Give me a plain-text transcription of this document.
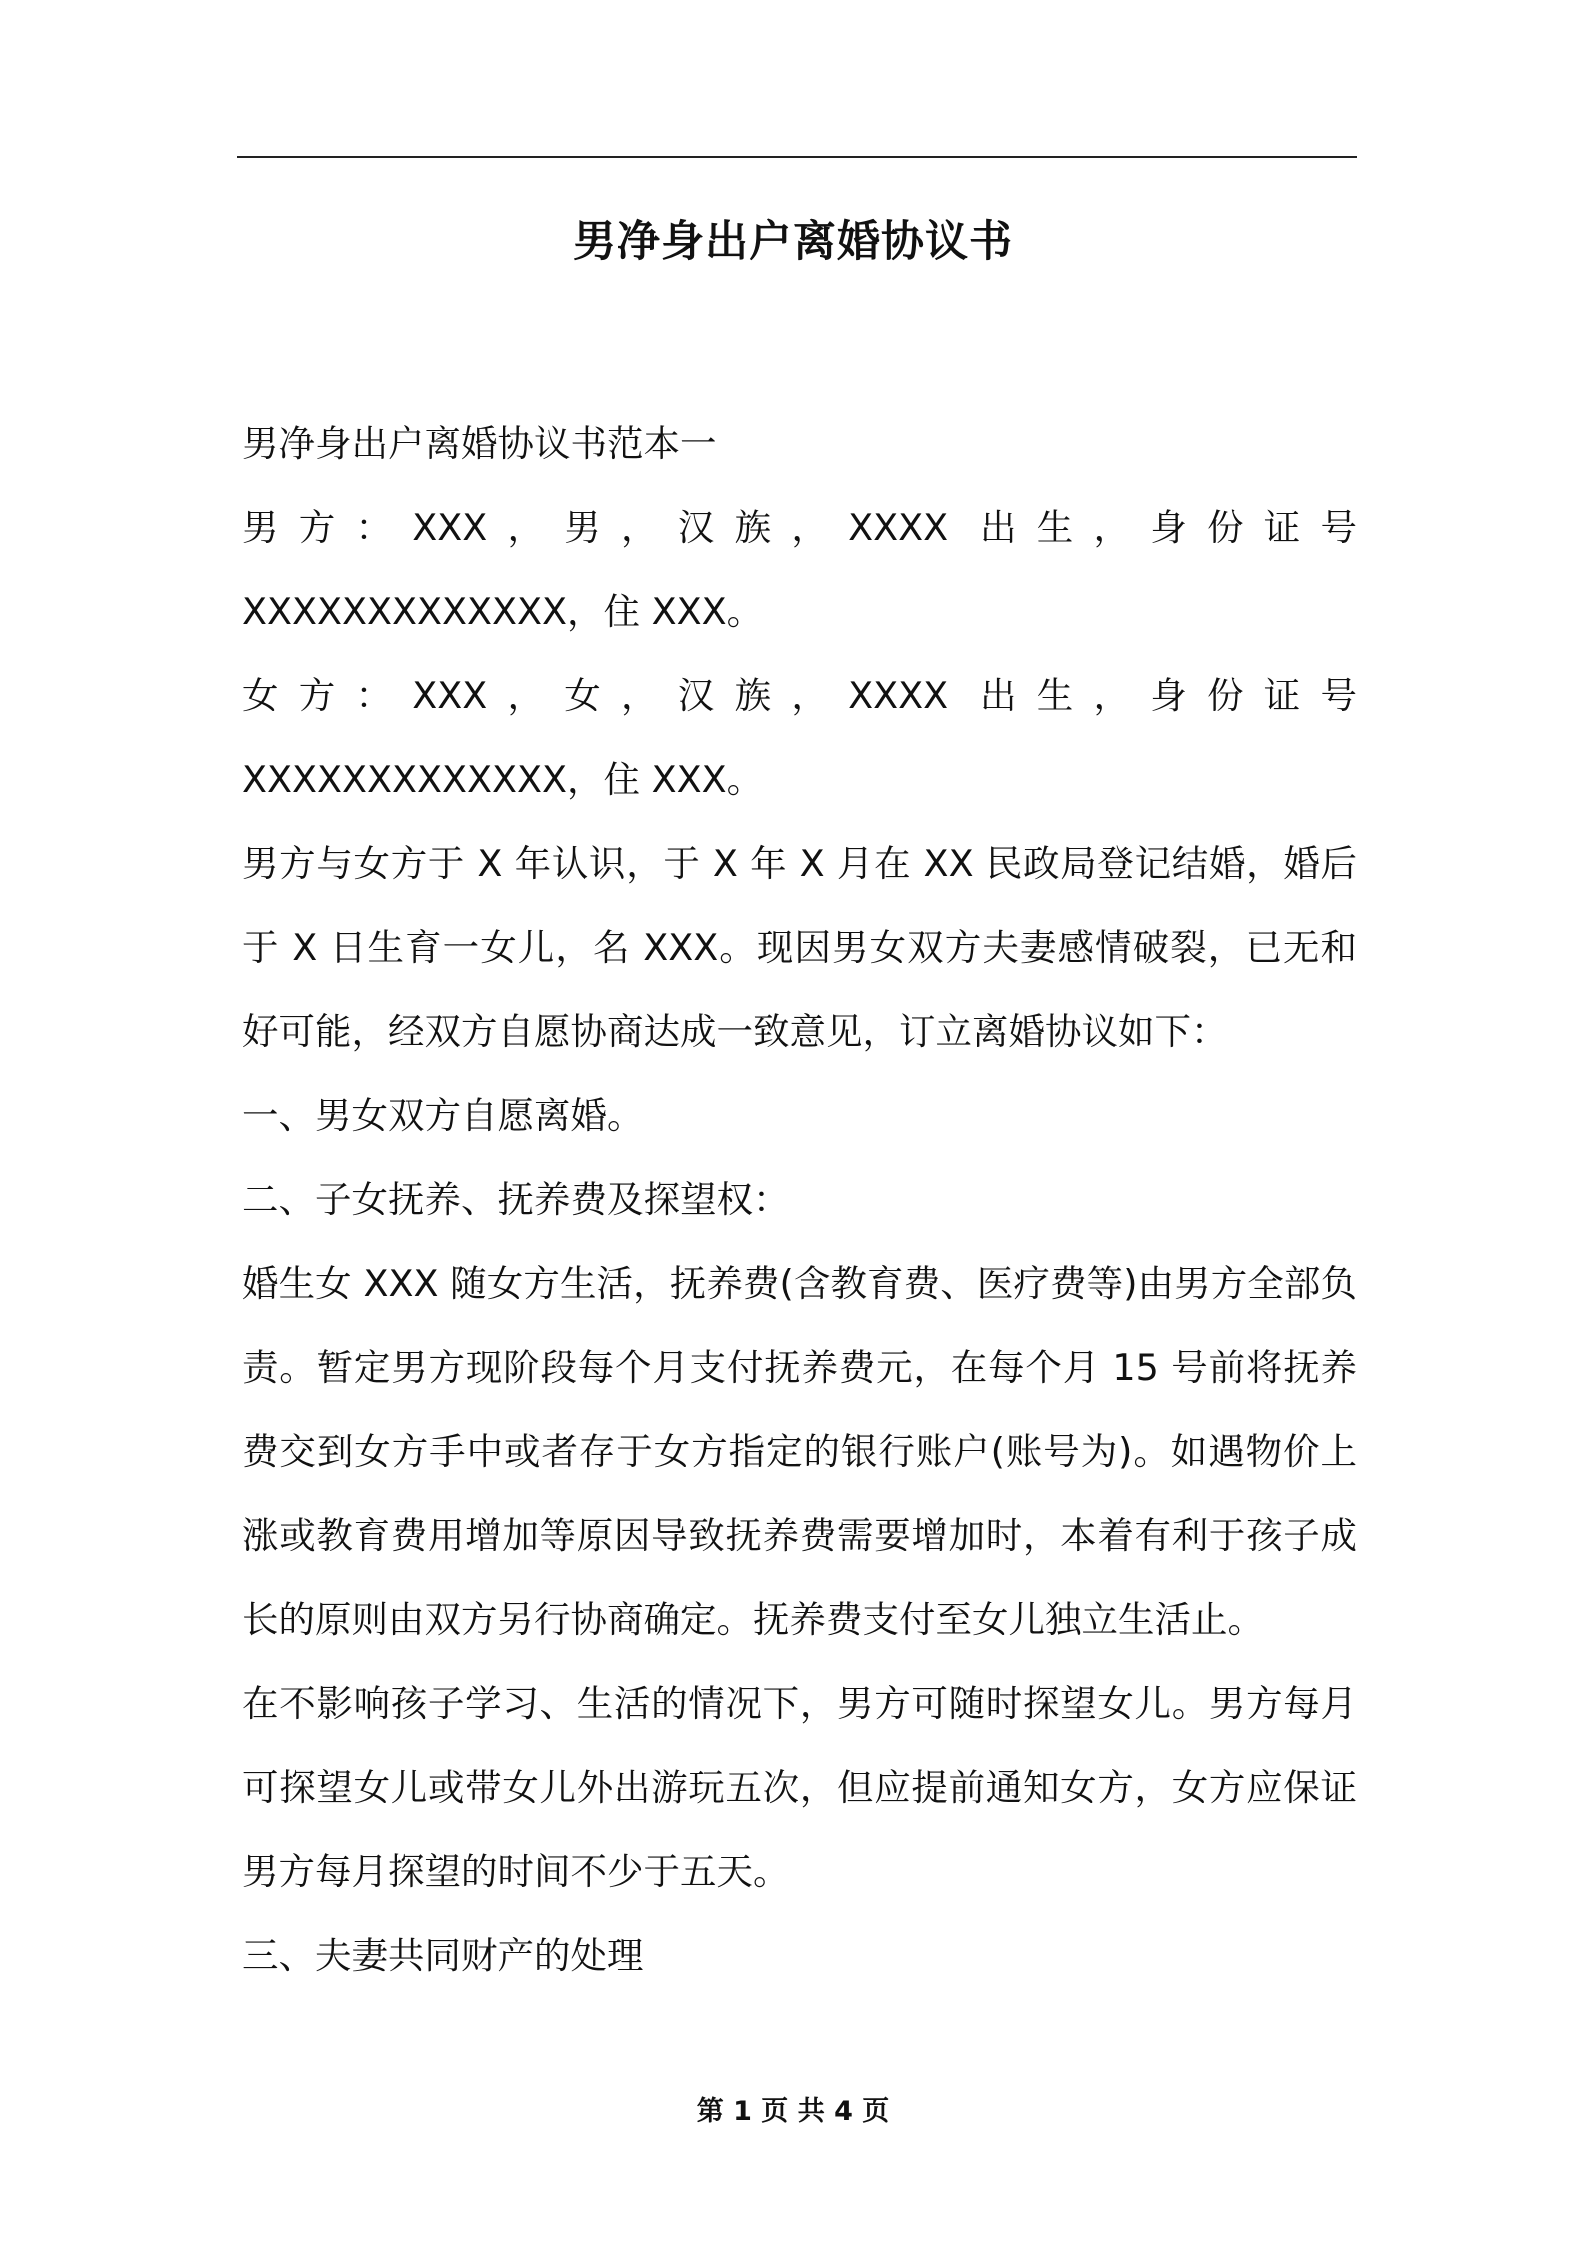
男净身出户离婚协议书

男净身出户离婚协议书范本一

男方：XXX，男，汉族，XXXX 出生，身份证号 XXXXXXXXXXXXX，住 XXX。

女方：XXX，女，汉族，XXXX 出生，身份证号 XXXXXXXXXXXXX，住 XXX。

男方与女方于 X 年认识，于 X 年 X 月在 XX 民政局登记结婚，婚后于 X 日生育一女儿，名 XXX。现因男女双方夫妻感情破裂，已无和好可能，经双方自愿协商达成一致意见，订立离婚协议如下：

一、男女双方自愿离婚。

二、子女抚养、抚养费及探望权：

婚生女 XXX 随女方生活，抚养费(含教育费、医疗费等)由男方全部负责。暂定男方现阶段每个月支付抚养费元，在每个月 15 号前将抚养费交到女方手中或者存于女方指定的银行账户(账号为)。如遇物价上涨或教育费用增加等原因导致抚养费需要增加时，本着有利于孩子成长的原则由双方另行协商确定。抚养费支付至女儿独立生活止。

在不影响孩子学习、生活的情况下，男方可随时探望女儿。男方每月可探望女儿或带女儿外出游玩五次，但应提前通知女方，女方应保证男方每月探望的时间不少于五天。

三、夫妻共同财产的处理

第 1 页 共 4 页
